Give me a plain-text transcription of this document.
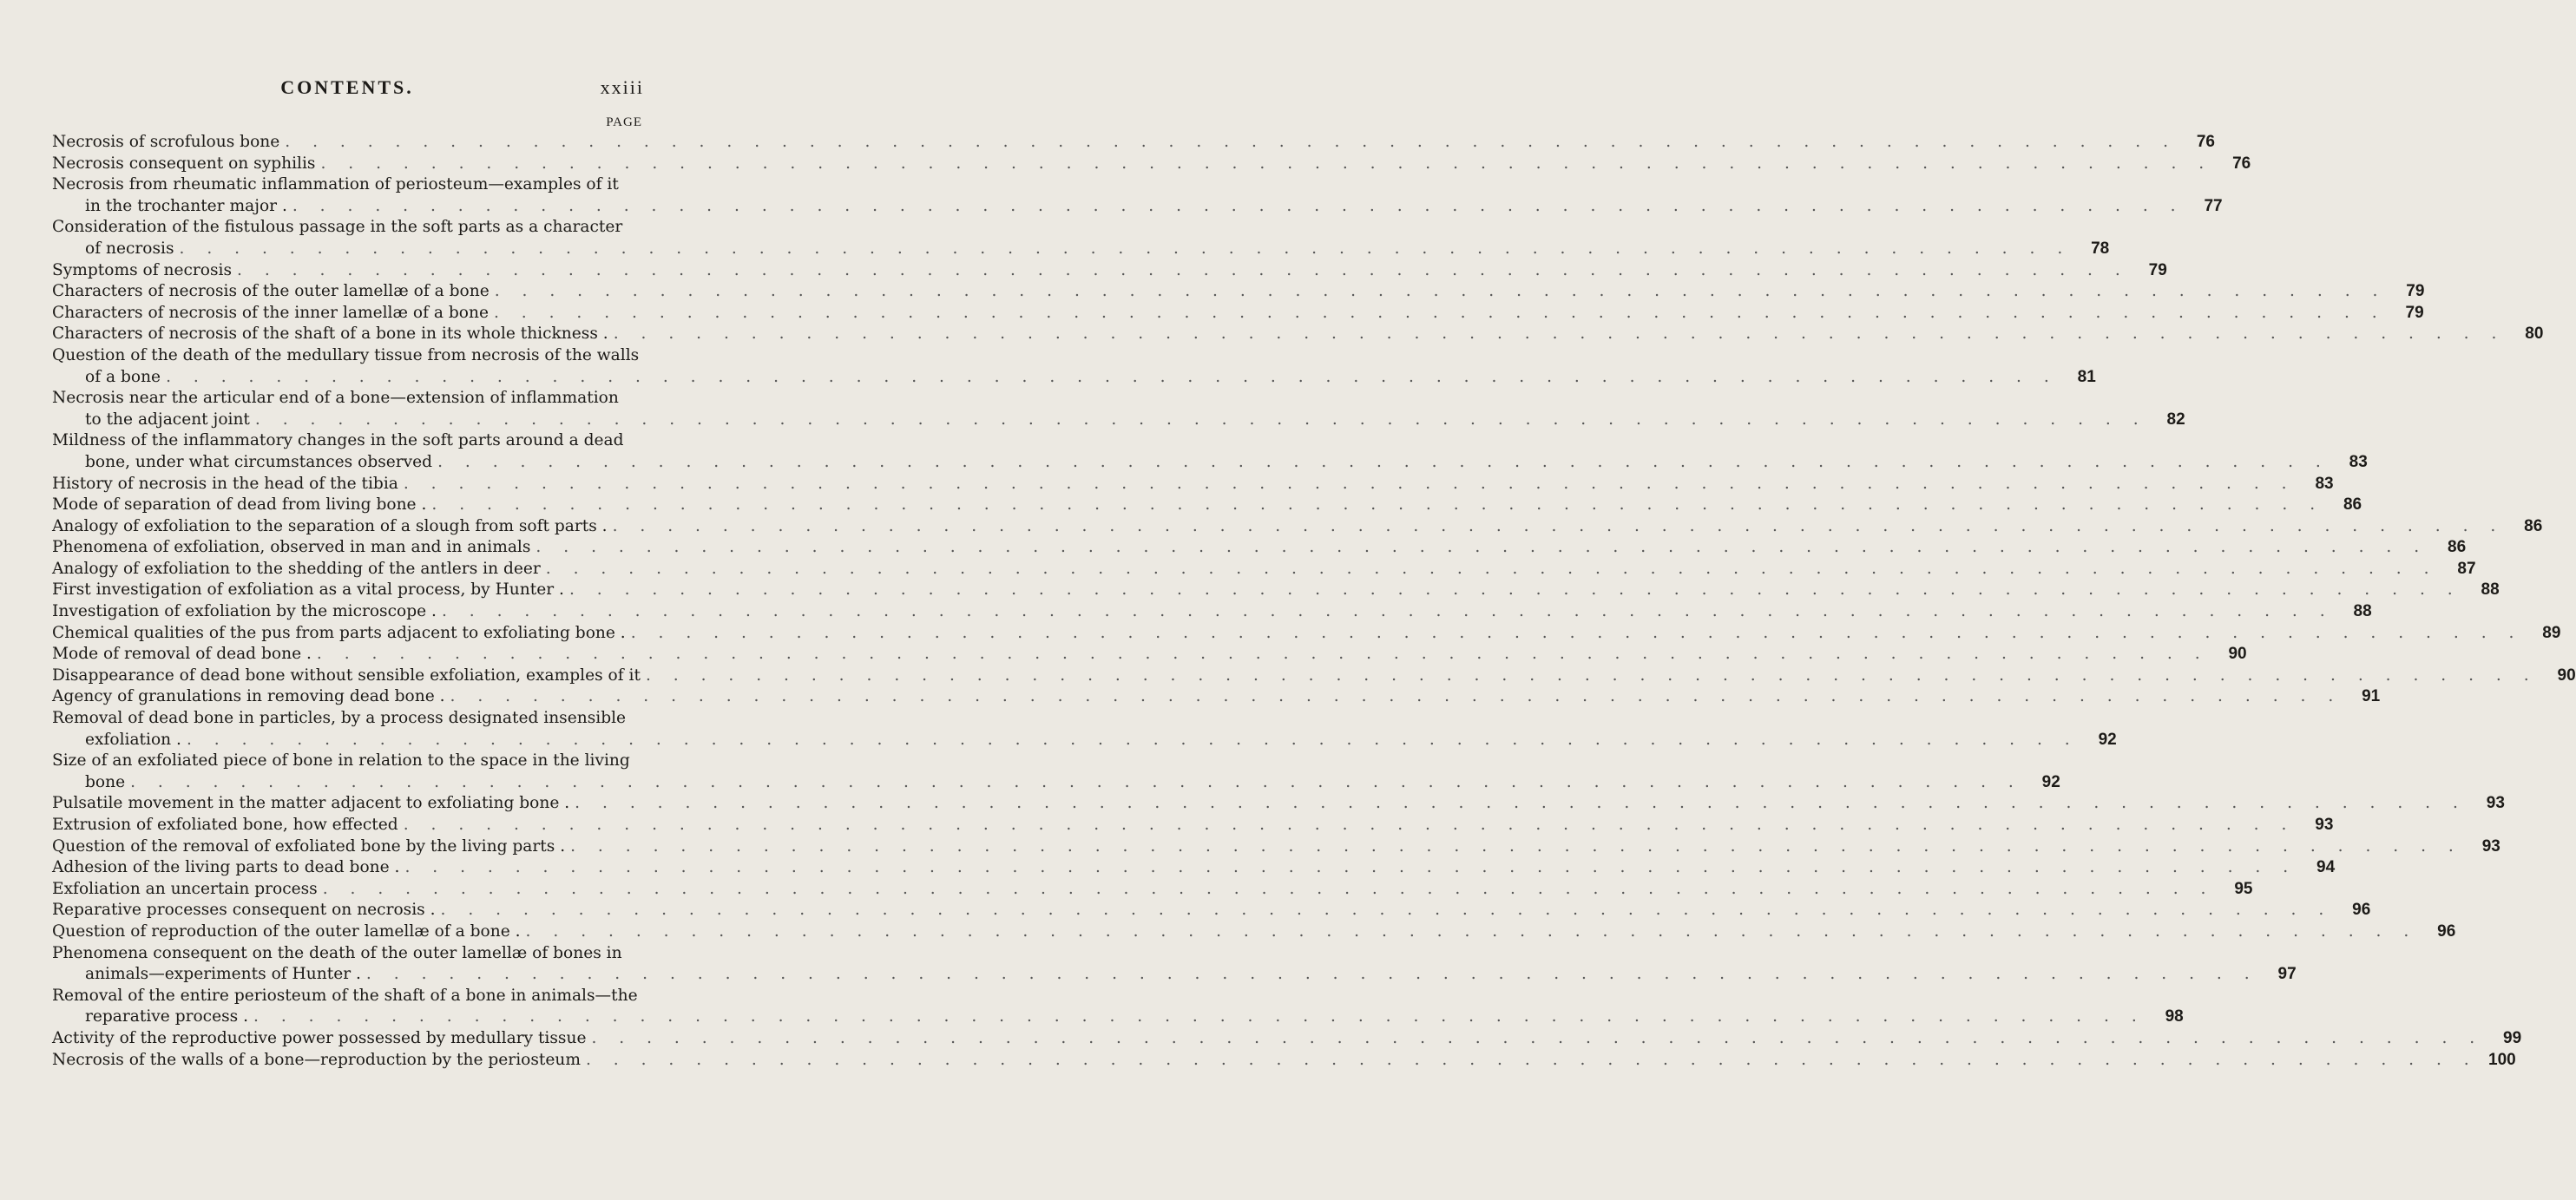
CONTENTS.	xxiii
PAGE
Necrosis of scrofulous bone . . .	76
Necrosis consequent on syphilis . . .	76
Necrosis from rheumatic inflammation of periosteum—examples of it
in the trochanter major . . . .	77
Consideration of the fistulous passage in the soft parts as a character
of necrosis . . .	78
Symptoms of necrosis . . .	79
Characters of necrosis of the outer lamellæ of a bone . . .	79
Characters of necrosis of the inner lamellæ of a bone . . .	79
Characters of necrosis of the shaft of a bone in its whole thickness . . . .	80
Question of the death of the medullary tissue from necrosis of the walls
of a bone . . .	81
Necrosis near the articular end of a bone—extension of inflammation
to the adjacent joint . . .	82
Mildness of the inflammatory changes in the soft parts around a dead
bone, under what circumstances observed . . .	83
History of necrosis in the head of the tibia . . .	83
Mode of separation of dead from living bone . . . .	86
Analogy of exfoliation to the separation of a slough from soft parts . . . .	86
Phenomena of exfoliation, observed in man and in animals . . .	86
Analogy of exfoliation to the shedding of the antlers in deer . . .	87
First investigation of exfoliation as a vital process, by Hunter . . . .	88
Investigation of exfoliation by the microscope . . . .	88
Chemical qualities of the pus from parts adjacent to exfoliating bone . . . .	89
Mode of removal of dead bone . . . .	90
Disappearance of dead bone without sensible exfoliation, examples of it . . .	90
Agency of granulations in removing dead bone . . . .	91
Removal of dead bone in particles, by a process designated insensible
exfoliation . . . .	92
Size of an exfoliated piece of bone in relation to the space in the living
bone . . .	92
Pulsatile movement in the matter adjacent to exfoliating bone . . . .	93
Extrusion of exfoliated bone, how effected . . .	93
Question of the removal of exfoliated bone by the living parts . . . .	93
Adhesion of the living parts to dead bone . . . .	94
Exfoliation an uncertain process . . .	95
Reparative processes consequent on necrosis . . . .	96
Question of reproduction of the outer lamellæ of a bone . . . .	96
Phenomena consequent on the death of the outer lamellæ of bones in
animals—experiments of Hunter . . . .	97
Removal of the entire periosteum of the shaft of a bone in animals—the
reparative process . . . .	98
Activity of the reproductive power possessed by medullary tissue . . .	99
Necrosis of the walls of a bone—reproduction by the periosteum . . .	100
